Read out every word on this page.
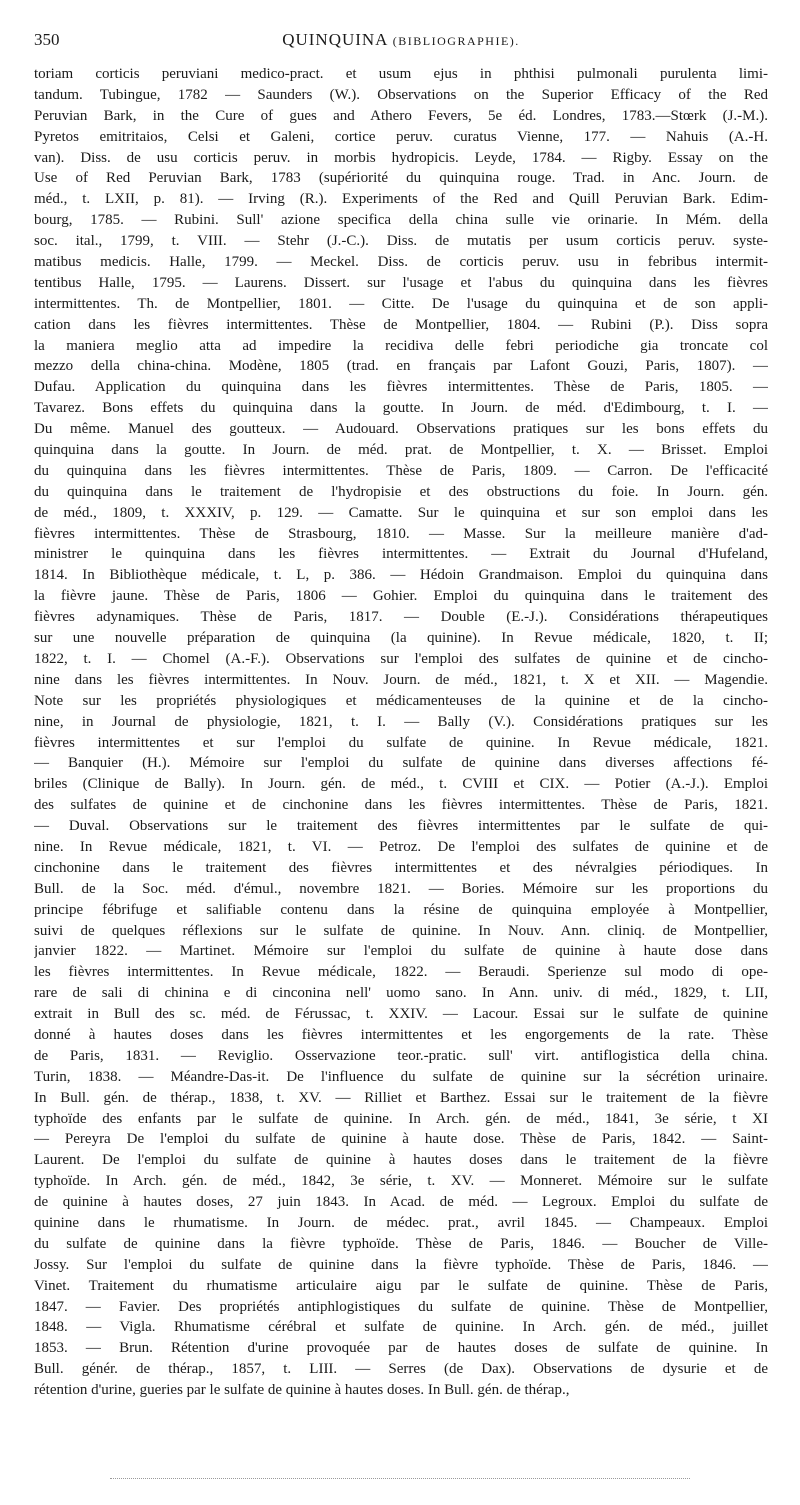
350	QUINQUINA (BIBLIOGRAPHIE).
toriam corticis peruviani medico-pract. et usum ejus in phthisi pulmonali purulenta limi-
tandum. Tubingue, 1782 — Saunders (W.). Observations on the Superior Efficacy of the Red
Peruvian Bark, in the Cure of gues and Athero Fevers, 5e éd. Londres, 1783.—Stœrk (J.-M.).
Pyretos emitritaios, Celsi et Galeni, cortice peruv. curatus Vienne, 177. — Nahuis (A.-H.
van). Diss. de usu corticis peruv. in morbis hydropicis. Leyde, 1784. — Rigby. Essay on the
Use of Red Peruvian Bark, 1783 (supériorité du quinquina rouge. Trad. in Anc. Journ. de
méd., t. LXII, p. 81). — Irving (R.). Experiments of the Red and Quill Peruvian Bark. Edim-
bourg, 1785. — Rubini. Sull' azione specifica della china sulle vie orinarie. In Mém. della
soc. ital., 1799, t. VIII. — Stehr (J.-C.). Diss. de mutatis per usum corticis peruv. syste-
matibus medicis. Halle, 1799. — Meckel. Diss. de corticis peruv. usu in febribus intermit-
tentibus Halle, 1795. — Laurens. Dissert. sur l'usage et l'abus du quinquina dans les fièvres
intermittentes. Th. de Montpellier, 1801. — Citte. De l'usage du quinquina et de son appli-
cation dans les fièvres intermittentes. Thèse de Montpellier, 1804. — Rubini (P.). Diss sopra
la maniera meglio atta ad impedire la recidiva delle febri periodiche gia troncate col
mezzo della china-china. Modène, 1805 (trad. en français par Lafont Gouzi, Paris, 1807). —
Dufau. Application du quinquina dans les fièvres intermittentes. Thèse de Paris, 1805. —
Tavarez. Bons effets du quinquina dans la goutte. In Journ. de méd. d'Edimbourg, t. I. —
Du même. Manuel des goutteux. — Audouard. Observations pratiques sur les bons effets du
quinquina dans la goutte. In Journ. de méd. prat. de Montpellier, t. X. — Brisset. Emploi
du quinquina dans les fièvres intermittentes. Thèse de Paris, 1809. — Carron. De l'efficacité
du quinquina dans le traitement de l'hydropisie et des obstructions du foie. In Journ. gén.
de méd., 1809, t. XXXIV, p. 129. — Camatte. Sur le quinquina et sur son emploi dans les
fièvres intermittentes. Thèse de Strasbourg, 1810. — Masse. Sur la meilleure manière d'ad-
ministrer le quinquina dans les fièvres intermittentes. — Extrait du Journal d'Hufeland,
1814. In Bibliothèque médicale, t. L, p. 386. — Hédoin Grandmaison. Emploi du quinquina dans
la fièvre jaune. Thèse de Paris, 1806 — Gohier. Emploi du quinquina dans le traitement des
fièvres adynamiques. Thèse de Paris, 1817. — Double (E.-J.). Considérations thérapeutiques
sur une nouvelle préparation de quinquina (la quinine). In Revue médicale, 1820, t. II;
1822, t. I. — Chomel (A.-F.). Observations sur l'emploi des sulfates de quinine et de cincho-
nine dans les fièvres intermittentes. In Nouv. Journ. de méd., 1821, t. X et XII. — Magendie.
Note sur les propriétés physiologiques et médicamenteuses de la quinine et de la cincho-
nine, in Journal de physiologie, 1821, t. I. — Bally (V.). Considérations pratiques sur les
fièvres intermittentes et sur l'emploi du sulfate de quinine. In Revue médicale, 1821.
— Banquier (H.). Mémoire sur l'emploi du sulfate de quinine dans diverses affections fé-
briles (Clinique de Bally). In Journ. gén. de méd., t. CVIII et CIX. — Potier (A.-J.). Emploi
des sulfates de quinine et de cinchonine dans les fièvres intermittentes. Thèse de Paris, 1821.
— Duval. Observations sur le traitement des fièvres intermittentes par le sulfate de qui-
nine. In Revue médicale, 1821, t. VI. — Petroz. De l'emploi des sulfates de quinine et de
cinchonine dans le traitement des fièvres intermittentes et des névralgies périodiques. In
Bull. de la Soc. méd. d'émul., novembre 1821. — Bories. Mémoire sur les proportions du
principe fébrifuge et salifiable contenu dans la résine de quinquina employée à Montpellier,
suivi de quelques réflexions sur le sulfate de quinine. In Nouv. Ann. cliniq. de Montpellier,
janvier 1822. — Martinet. Mémoire sur l'emploi du sulfate de quinine à haute dose dans
les fièvres intermittentes. In Revue médicale, 1822. — Beraudi. Sperienze sul modo di ope-
rare de sali di chinina e di cinconina nell' uomo sano. In Ann. univ. di méd., 1829, t. LII,
extrait in Bull des sc. méd. de Férussac, t. XXIV. — Lacour. Essai sur le sulfate de quinine
donné à hautes doses dans les fièvres intermittentes et les engorgements de la rate. Thèse
de Paris, 1831. — Reviglio. Osservazione teor.-pratic. sull' virt. antiflogistica della china.
Turin, 1838. — Méandre-Das-it. De l'influence du sulfate de quinine sur la sécrétion urinaire.
In Bull. gén. de thérap., 1838, t. XV. — Rilliet et Barthez. Essai sur le traitement de la fièvre
typhoïde des enfants par le sulfate de quinine. In Arch. gén. de méd., 1841, 3e série, t XI
— Pereyra De l'emploi du sulfate de quinine à haute dose. Thèse de Paris, 1842. — Saint-
Laurent. De l'emploi du sulfate de quinine à hautes doses dans le traitement de la fièvre
typhoïde. In Arch. gén. de méd., 1842, 3e série, t. XV. — Monneret. Mémoire sur le sulfate
de quinine à hautes doses, 27 juin 1843. In Acad. de méd. — Legroux. Emploi du sulfate de
quinine dans le rhumatisme. In Journ. de médec. prat., avril 1845. — Champeaux. Emploi
du sulfate de quinine dans la fièvre typhoïde. Thèse de Paris, 1846. — Boucher de Ville-
Jossy. Sur l'emploi du sulfate de quinine dans la fièvre typhoïde. Thèse de Paris, 1846. —
Vinet. Traitement du rhumatisme articulaire aigu par le sulfate de quinine. Thèse de Paris,
1847. — Favier. Des propriétés antiphlogistiques du sulfate de quinine. Thèse de Montpellier,
1848. — Vigla. Rhumatisme cérébral et sulfate de quinine. In Arch. gén. de méd., juillet
1853. — Brun. Rétention d'urine provoquée par de hautes doses de sulfate de quinine. In
Bull. génér. de thérap., 1857, t. LIII. — Serres (de Dax). Observations de dysurie et de
rétention d'urine, gueries par le sulfate de quinine à hautes doses. In Bull. gén. de thérap.,
